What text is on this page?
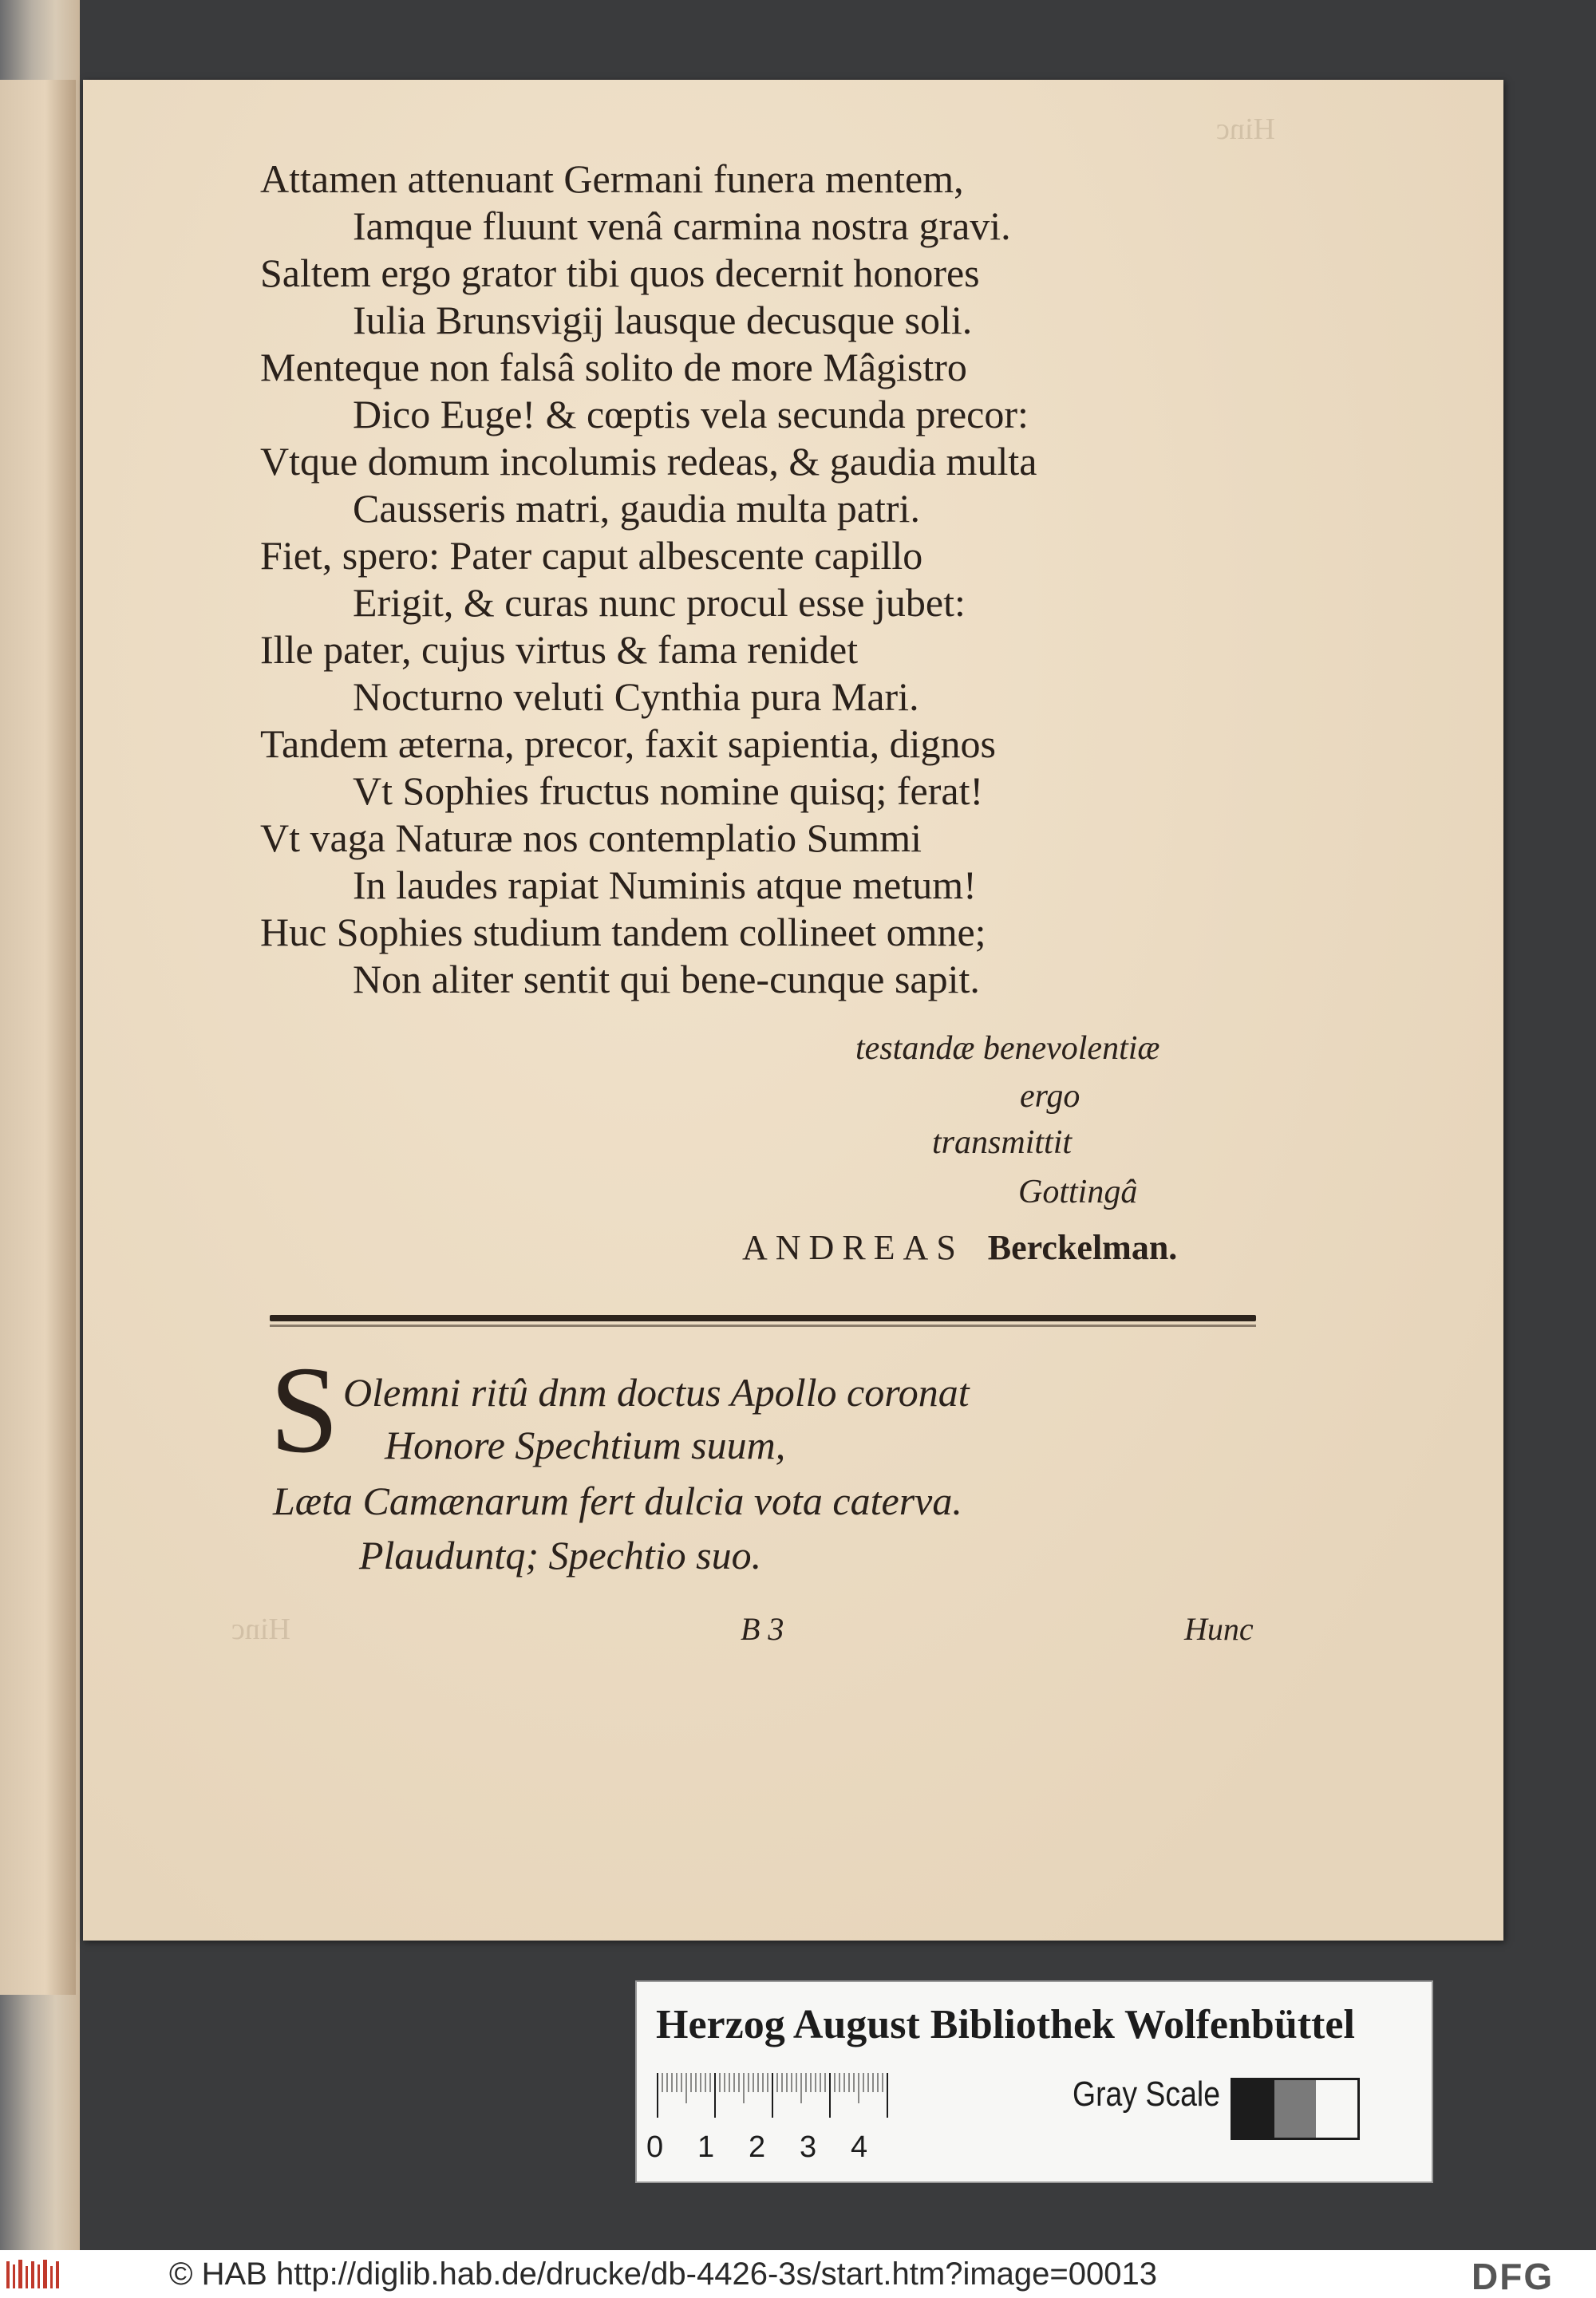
Hinc
Attamen attenuant Germani funera mentem,
Iamque fluunt venâ carmina nostra gravi.
Saltem ergo grator tibi quos decernit honores
Iulia Brunsvigij lausque decusque soli.
Menteque non falsâ solito de more Mâgistro
Dico Euge! & cœptis vela secunda precor:
Vtque domum incolumis redeas, & gaudia multa
Causseris matri, gaudia multa patri.
Fiet, spero: Pater caput albescente capillo
Erigit, & curas nunc procul esse jubet:
Ille pater, cujus virtus & fama renidet
Nocturno veluti Cynthia pura Mari.
Tandem æterna, precor, faxit sapientia, dignos
Vt Sophies fructus nomine quisq; ferat!
Vt vaga Naturæ nos contemplatio Summi
In laudes rapiat Numinis atque metum!
Huc Sophies studium tandem collineet omne;
Non aliter sentit qui bene-cunque sapit.
testandæ benevolentiæ
ergo
transmittit
Gottingâ
ANDREAS Berckelman.
S Olemni ritû dnm doctus Apollo coronat
Honore Spechtium suum,
Læta Camænarum fert dulcia vota caterva.
Plauduntq; Spechtio suo.
B 3	Hunc
Hinc
Herzog August Bibliothek Wolfenbüttel
0 1 2 3 4
Gray Scale
© HAB http://diglib.hab.de/drucke/db-4426-3s/start.htm?image=00013	DFG
